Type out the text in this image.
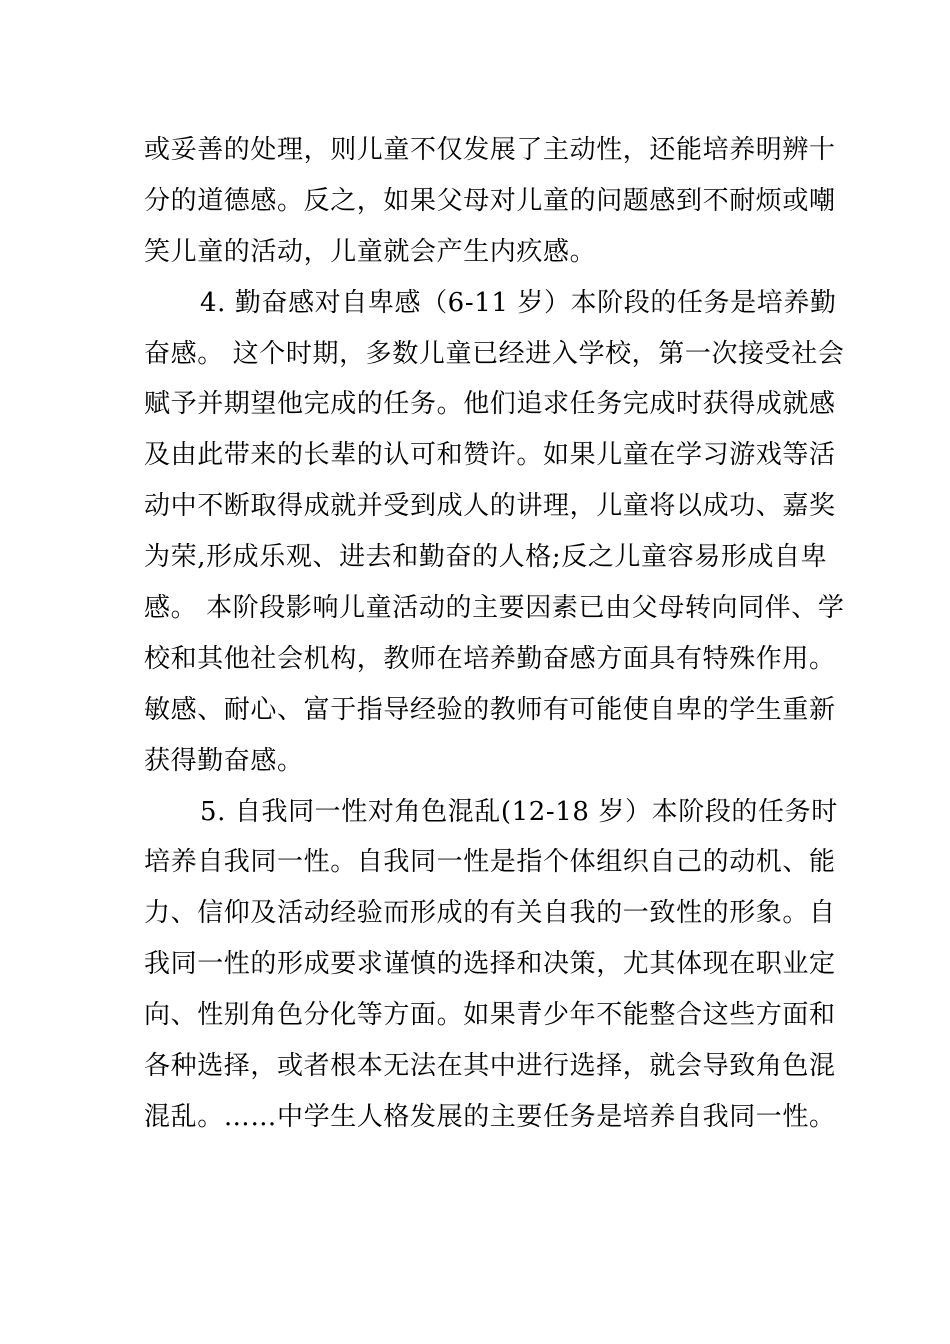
或妥善的处理，则儿童不仅发展了主动性，还能培养明辨十
分的道德感。反之，如果父母对儿童的问题感到不耐烦或嘲
笑儿童的活动，儿童就会产生内疚感。
4. 勤奋感对自卑感（6-11 岁）本阶段的任务是培养勤
奋感。 这个时期，多数儿童已经进入学校，第一次接受社会
赋予并期望他完成的任务。他们追求任务完成时获得成就感
及由此带来的长辈的认可和赞许。如果儿童在学习游戏等活
动中不断取得成就并受到成人的讲理，儿童将以成功、嘉奖
为荣,形成乐观、进去和勤奋的人格;反之儿童容易形成自卑
感。 本阶段影响儿童活动的主要因素已由父母转向同伴、学
校和其他社会机构，教师在培养勤奋感方面具有特殊作用。
敏感、耐心、富于指导经验的教师有可能使自卑的学生重新
获得勤奋感。
5. 自我同一性对角色混乱(12-18 岁）本阶段的任务时
培养自我同一性。自我同一性是指个体组织自己的动机、能
力、信仰及活动经验而形成的有关自我的一致性的形象。自
我同一性的形成要求谨慎的选择和决策，尤其体现在职业定
向、性别角色分化等方面。如果青少年不能整合这些方面和
各种选择，或者根本无法在其中进行选择，就会导致角色混
混乱。……中学生人格发展的主要任务是培养自我同一性。
